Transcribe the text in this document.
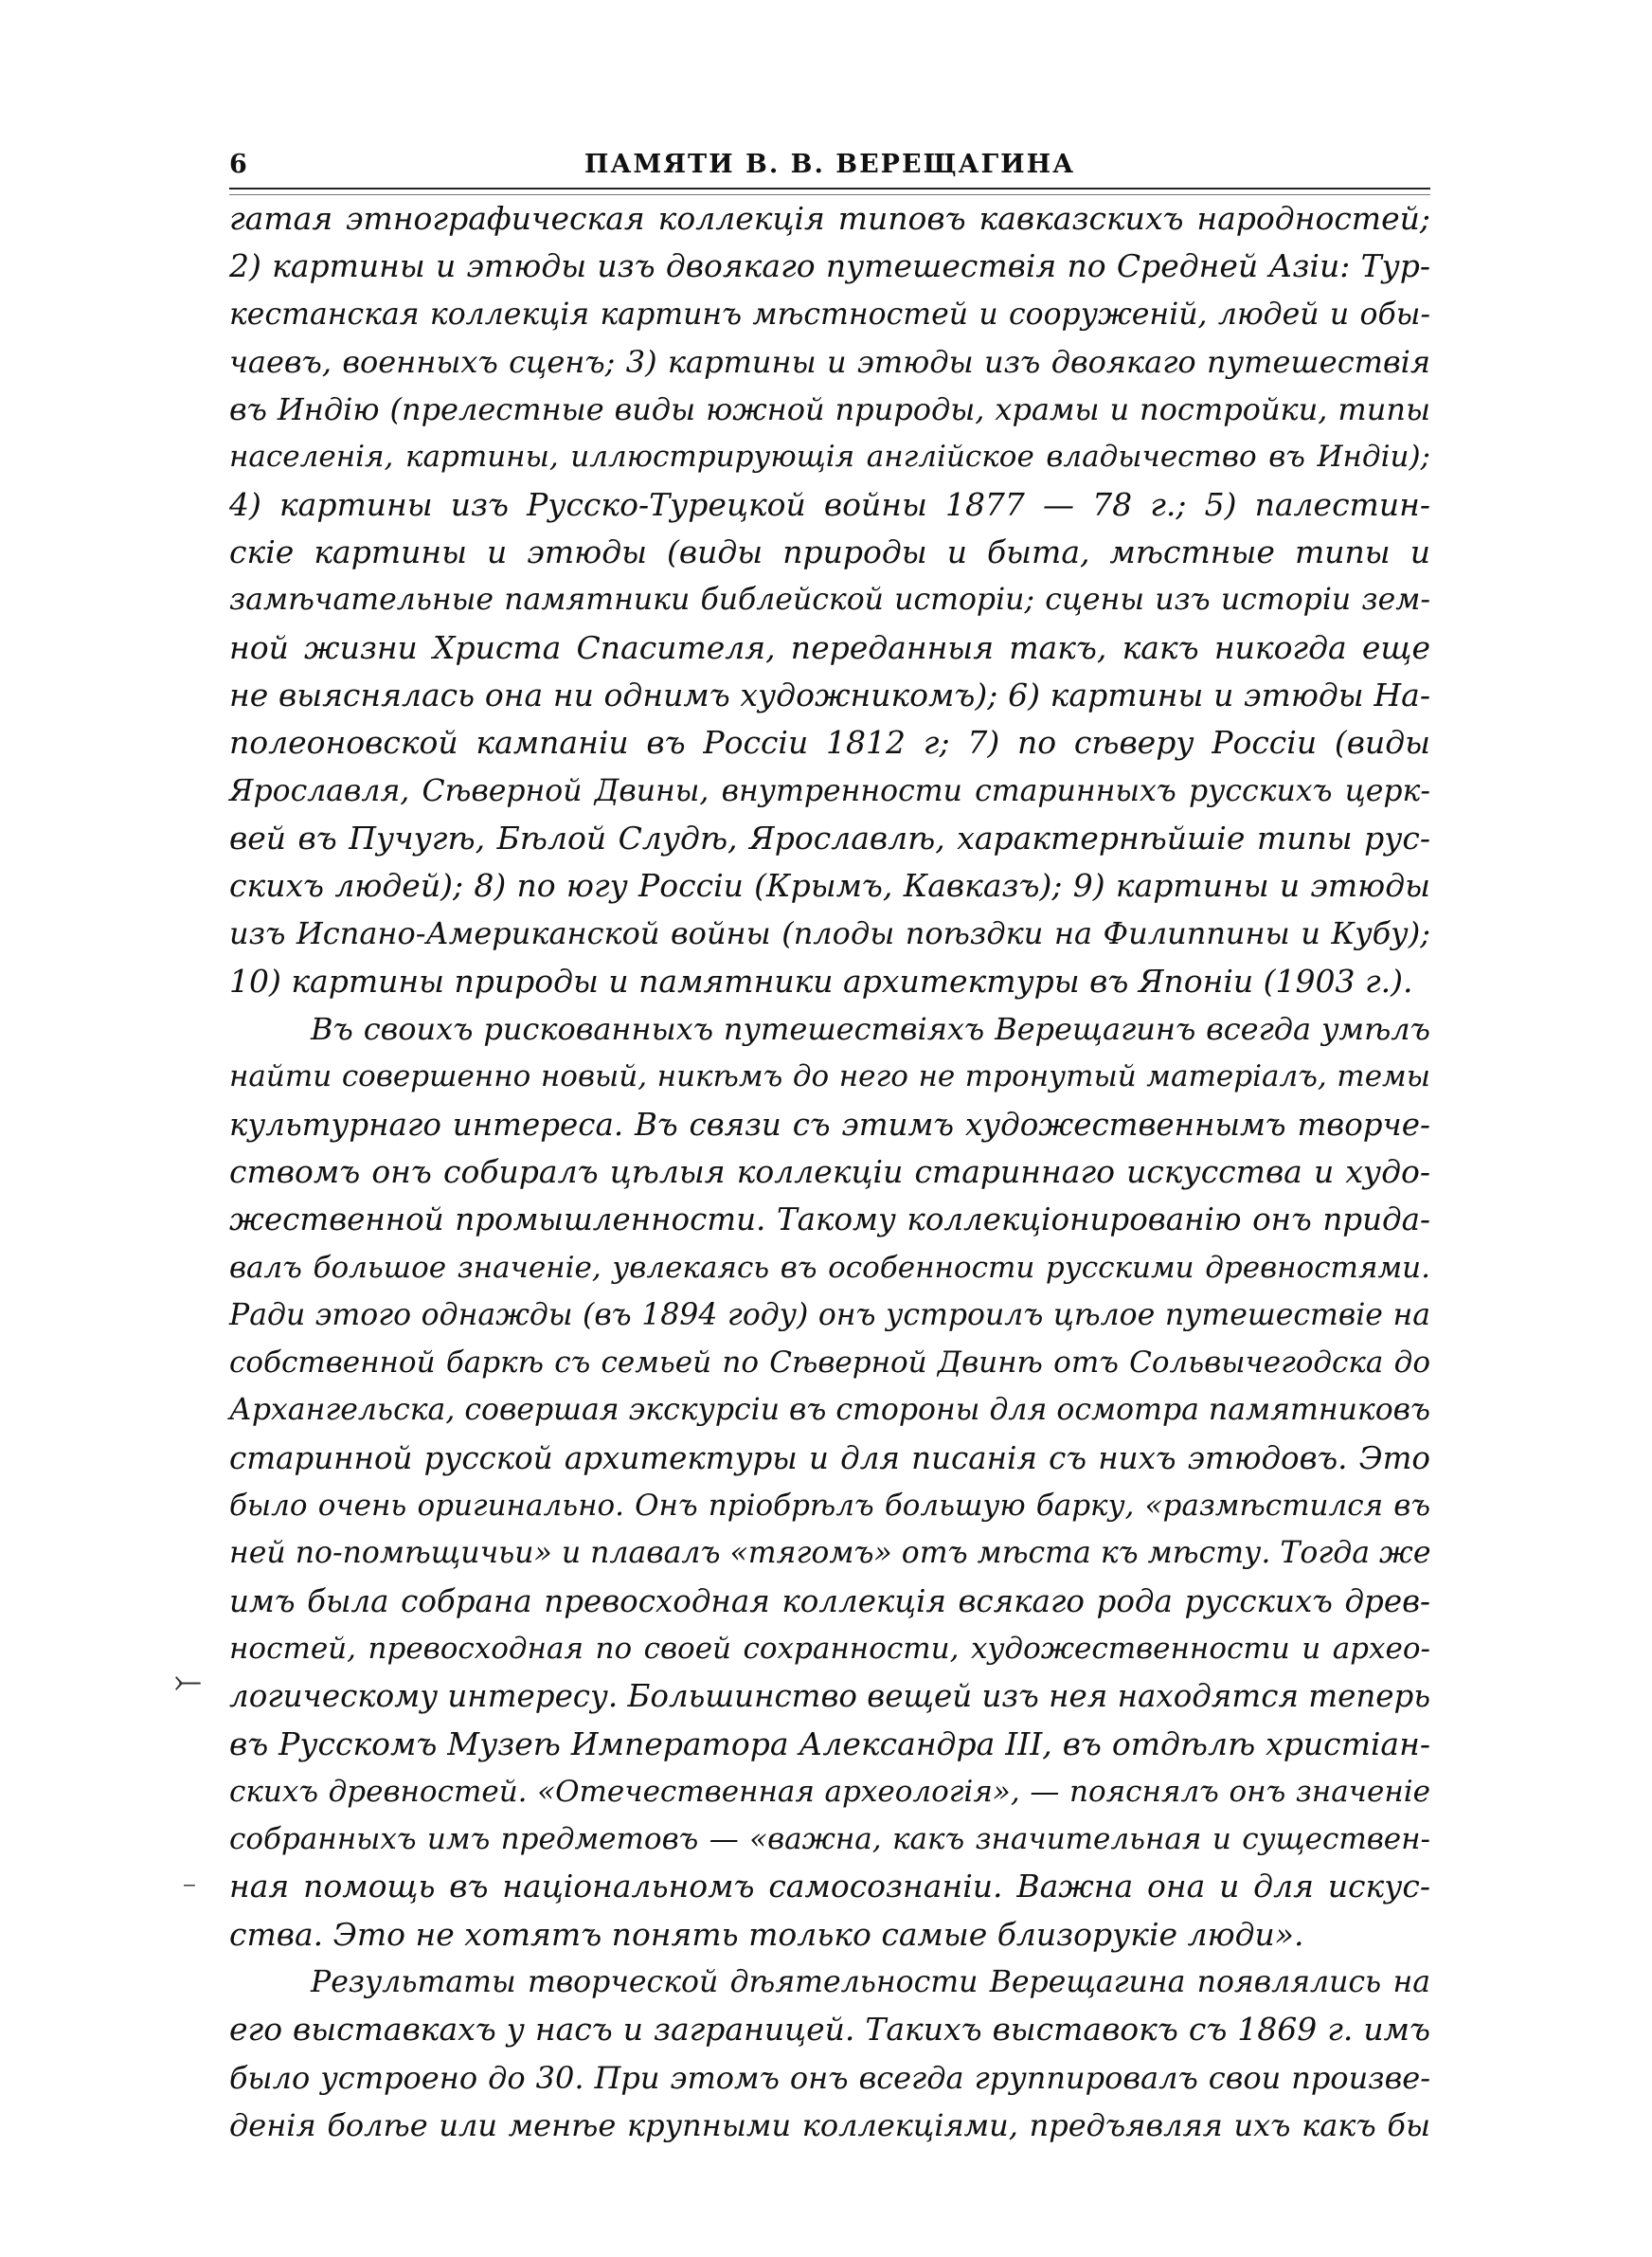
6	ПАМЯТИ В. В. ВЕРЕЩАГИНА
⤚
⁻
гатая этнографическая коллекція типовъ кавказскихъ народностей;
2) картины и этюды изъ двоякаго путешествія по Средней Азіи: Тур-
кестанская коллекція картинъ мѣстностей и сооруженій, людей и обы-
чаевъ, военныхъ сценъ; 3) картины и этюды изъ двоякаго путешествія
въ Индію (прелестные виды южной природы, храмы и постройки, типы
населенія, картины, иллюстрирующія англійское владычество въ Индіи);
4) картины изъ Русско-Турецкой войны 1877 — 78 г.; 5) палестин-
скіе картины и этюды (виды природы и быта, мѣстные типы и
замѣчательные памятники библейской исторіи; сцены изъ исторіи зем-
ной жизни Христа Спасителя, переданныя такъ, какъ никогда еще
не выяснялась она ни однимъ художникомъ); 6) картины и этюды На-
полеоновской кампаніи въ Россіи 1812 г; 7) по сѣверу Россіи (виды
Ярославля, Сѣверной Двины, внутренности старинныхъ русскихъ церк-
вей въ Пучугѣ, Бѣлой Слудѣ, Ярославлѣ, характернѣйшіе типы рус-
скихъ людей); 8) по югу Россіи (Крымъ, Кавказъ); 9) картины и этюды
изъ Испано-Американской войны (плоды поѣздки на Филиппины и Кубу);
10) картины природы и памятники архитектуры въ Японіи (1903 г.).
Въ своихъ рискованныхъ путешествіяхъ Верещагинъ всегда умѣлъ
найти совершенно новый, никѣмъ до него не тронутый матеріалъ, темы
культурнаго интереса. Въ связи съ этимъ художественнымъ творче-
ствомъ онъ собиралъ цѣлыя коллекціи стариннаго искусства и худо-
жественной промышленности. Такому коллекціонированію онъ прида-
валъ большое значеніе, увлекаясь въ особенности русскими древностями.
Ради этого однажды (въ 1894 году) онъ устроилъ цѣлое путешествіе на
собственной баркѣ съ семьей по Сѣверной Двинѣ отъ Сольвычегодска до
Архангельска, совершая экскурсіи въ стороны для осмотра памятниковъ
старинной русской архитектуры и для писанія съ нихъ этюдовъ. Это
было очень оригинально. Онъ пріобрѣлъ большую барку, «размѣстился въ
ней по-помѣщичьи» и плавалъ «тягомъ» отъ мѣста къ мѣсту. Тогда же
имъ была собрана превосходная коллекція всякаго рода русскихъ древ-
ностей, превосходная по своей сохранности, художественности и архео-
логическому интересу. Большинство вещей изъ нея находятся теперь
въ Русскомъ Музеѣ Императора Александра III, въ отдѣлѣ христіан-
скихъ древностей. «Отечественная археологія», — пояснялъ онъ значеніе
собранныхъ имъ предметовъ — «важна, какъ значительная и существен-
ная помощь въ національномъ самосознаніи. Важна она и для искус-
ства. Это не хотятъ понять только самые близорукіе люди».
Результаты творческой дѣятельности Верещагина появлялись на
его выставкахъ у насъ и заграницей. Такихъ выставокъ съ 1869 г. имъ
было устроено до 30. При этомъ онъ всегда группировалъ свои произве-
денія болѣе или менѣе крупными коллекціями, предъявляя ихъ какъ бы
